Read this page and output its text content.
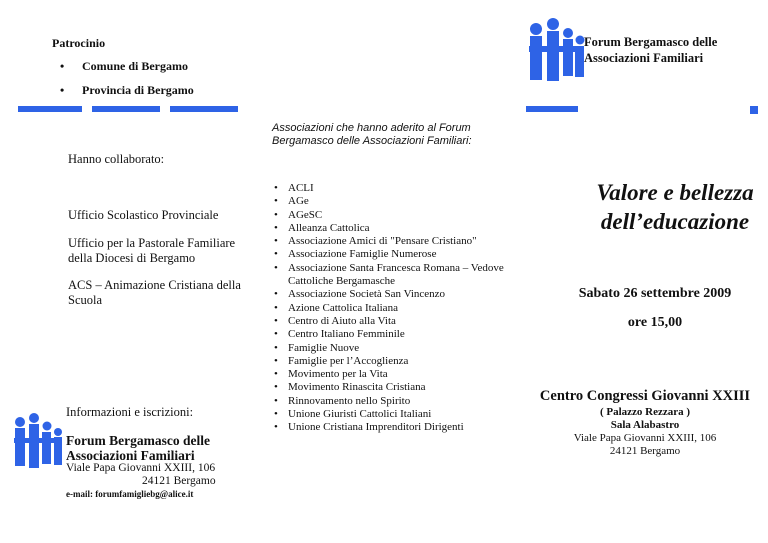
Patrocinio
• Comune di Bergamo
• Provincia di Bergamo
Hanno collaborato:
Ufficio Scolastico Provinciale
Ufficio per la Pastorale Familiare della Diocesi di Bergamo
ACS – Animazione Cristiana della Scuola
Informazioni e iscrizioni:
Forum Bergamasco delle Associazioni Familiari
Viale Papa Giovanni XXIII, 106
24121 Bergamo
e-mail: forumfamigliebg@alice.it
Associazioni che hanno aderito al Forum Bergamasco delle Associazioni Familiari:
• ACLI
• AGe
• AGeSC
• Alleanza Cattolica
• Associazione Amici di "Pensare Cristiano"
• Associazione Famiglie Numerose
• Associazione Santa Francesca Romana – Vedove Cattoliche Bergamasche
• Associazione Società San Vincenzo
• Azione Cattolica Italiana
• Centro di Aiuto alla Vita
• Centro Italiano Femminile
• Famiglie Nuove
• Famiglie per l’Accoglienza
• Movimento per la Vita
• Movimento Rinascita Cristiana
• Rinnovamento nello Spirito
• Unione Giuristi Cattolici Italiani
• Unione Cristiana Imprenditori Dirigenti
Forum Bergamasco delle Associazioni Familiari
Valore e bellezza dell’educazione
Sabato 26 settembre 2009
ore 15,00
Centro Congressi Giovanni XXIII
( Palazzo Rezzara )
Sala Alabastro
Viale Papa Giovanni XXIII, 106
24121 Bergamo
